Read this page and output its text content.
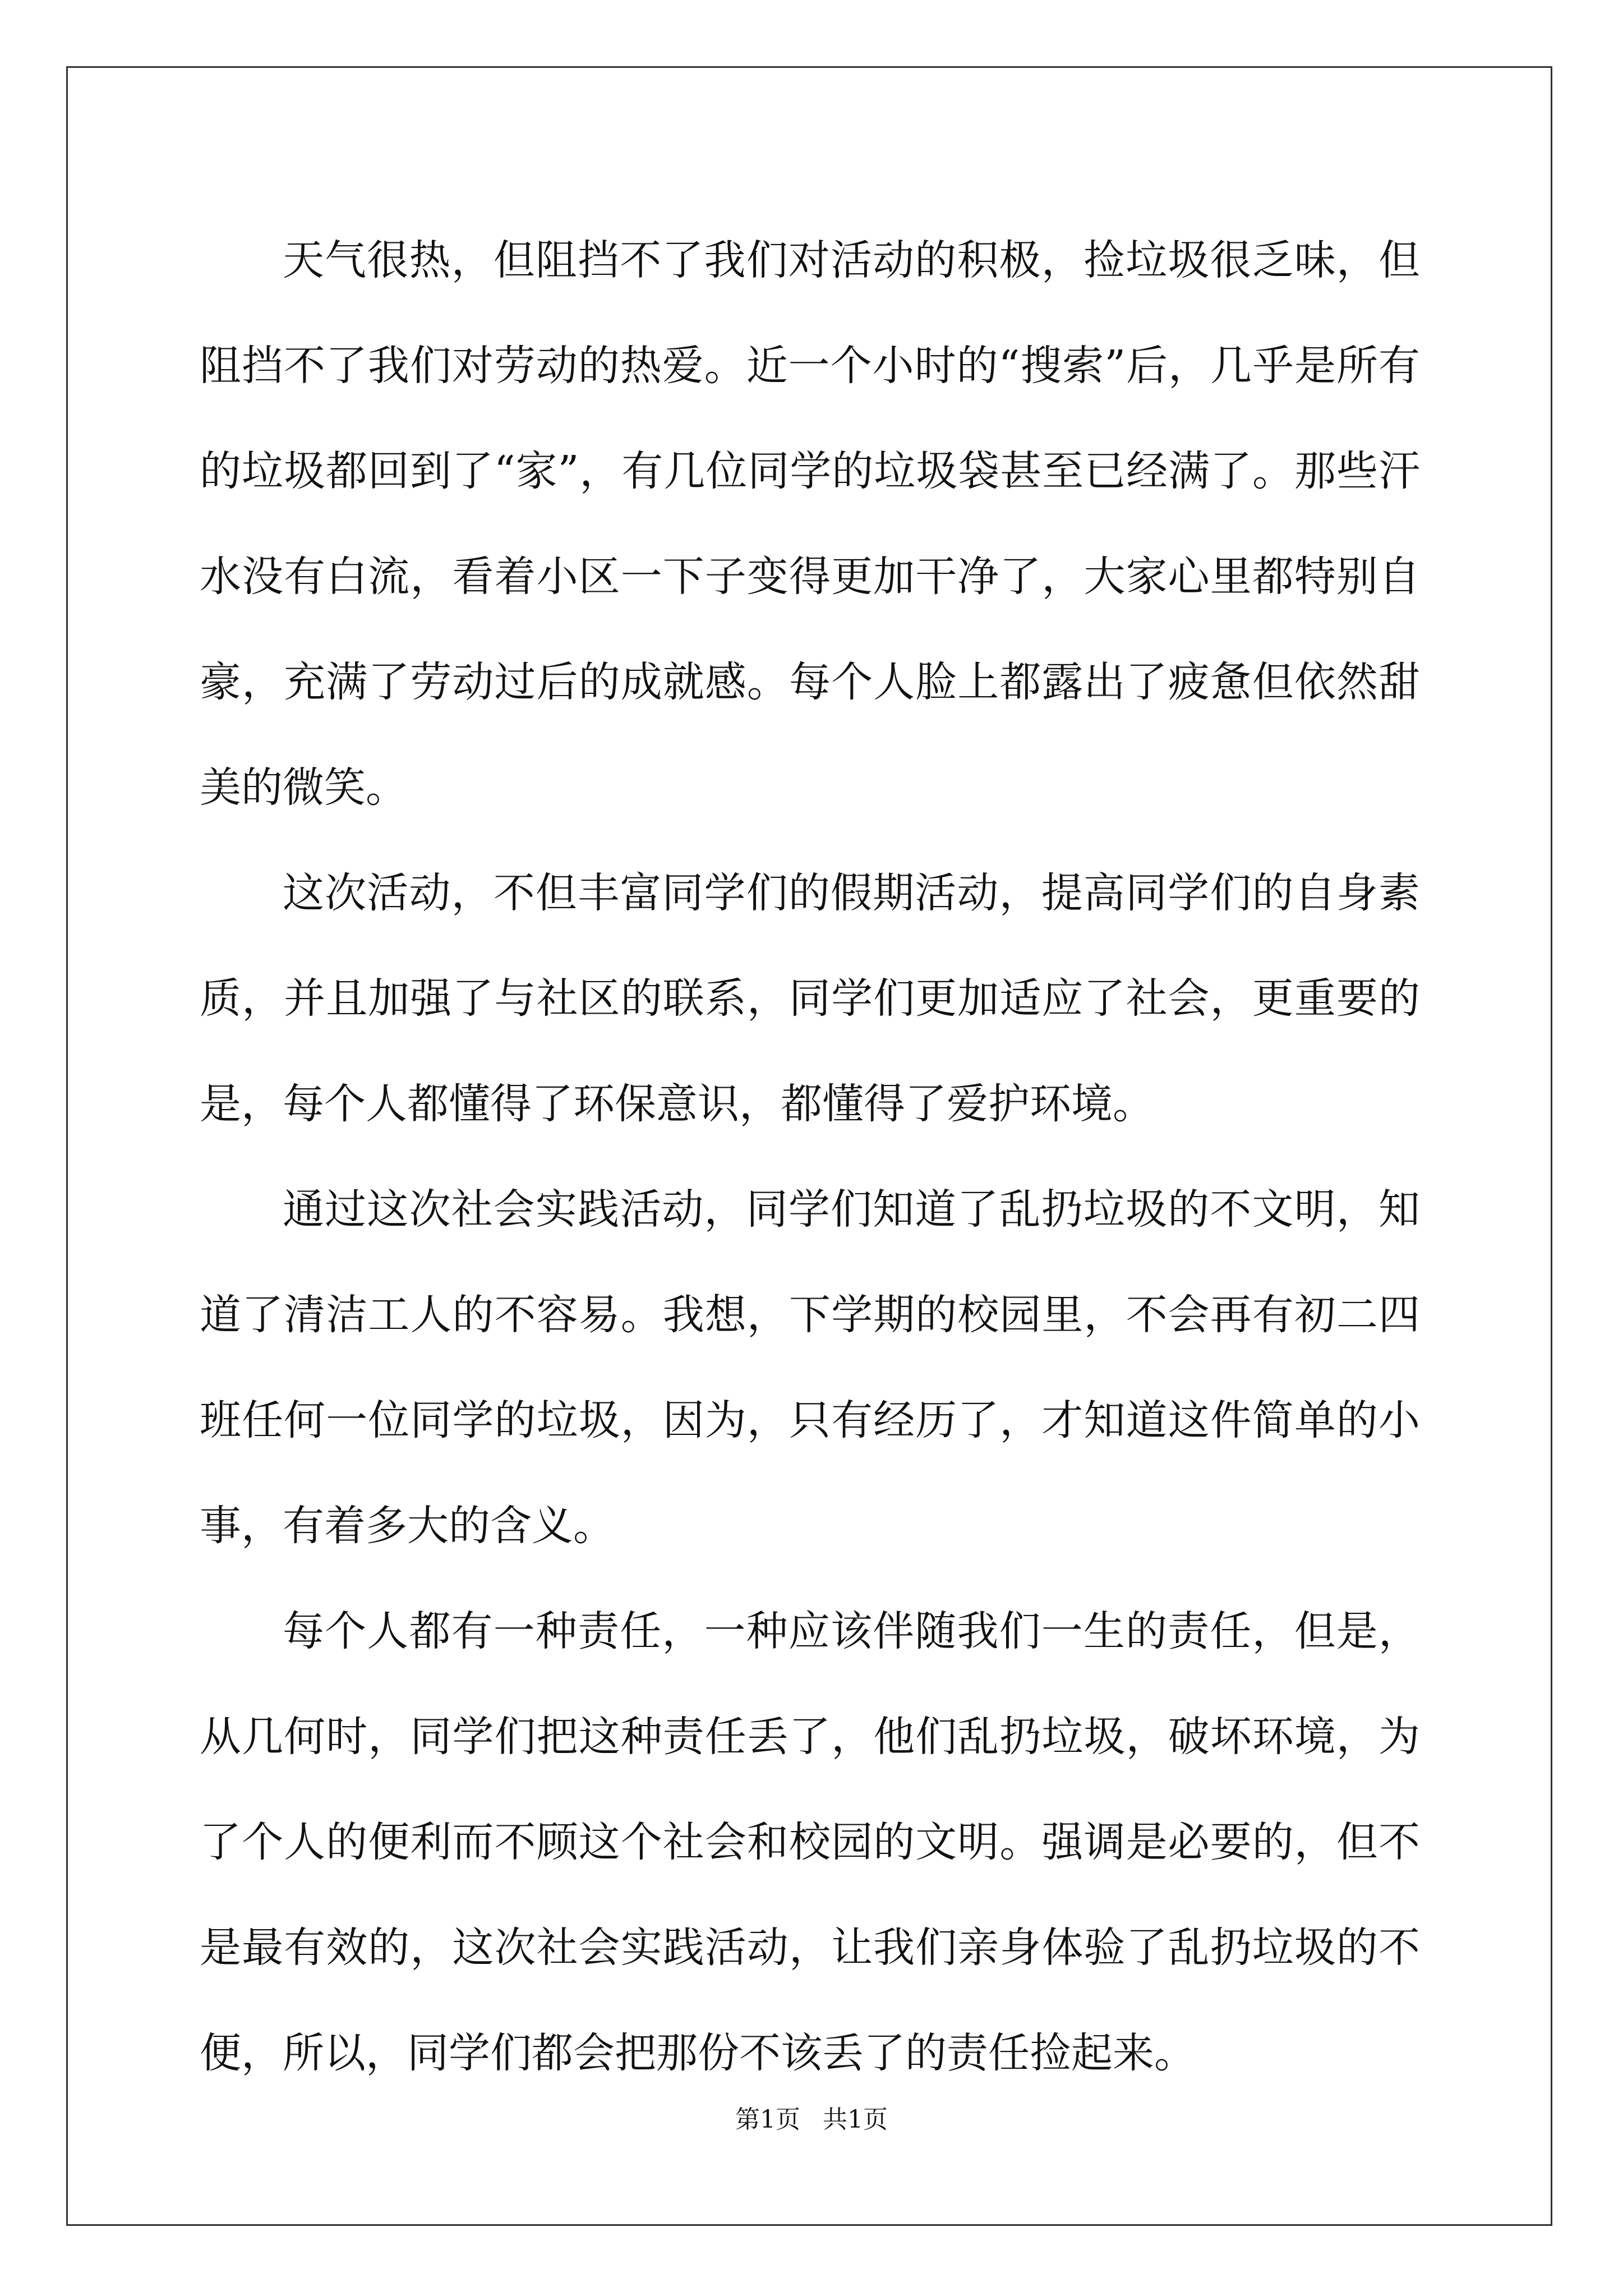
天气很热，但阻挡不了我们对活动的积极，捡垃圾很乏味，但阻挡不了我们对劳动的热爱。近一个小时的“搜索”后，几乎是所有的垃圾都回到了“家”，有几位同学的垃圾袋甚至已经满了。那些汗水没有白流，看着小区一下子变得更加干净了，大家心里都特别自豪，充满了劳动过后的成就感。每个人脸上都露出了疲惫但依然甜美的微笑。

这次活动，不但丰富同学们的假期活动，提高同学们的自身素质，并且加强了与社区的联系，同学们更加适应了社会，更重要的是，每个人都懂得了环保意识，都懂得了爱护环境。

通过这次社会实践活动，同学们知道了乱扔垃圾的不文明，知道了清洁工人的不容易。我想，下学期的校园里，不会再有初二四班任何一位同学的垃圾，因为，只有经历了，才知道这件简单的小事，有着多大的含义。

每个人都有一种责任，一种应该伴随我们一生的责任，但是，从几何时，同学们把这种责任丢了，他们乱扔垃圾，破坏环境，为了个人的便利而不顾这个社会和校园的文明。强调是必要的，但不是最有效的，这次社会实践活动，让我们亲身体验了乱扔垃圾的不便，所以，同学们都会把那份不该丢了的责任捡起来。

第1页 共1页
